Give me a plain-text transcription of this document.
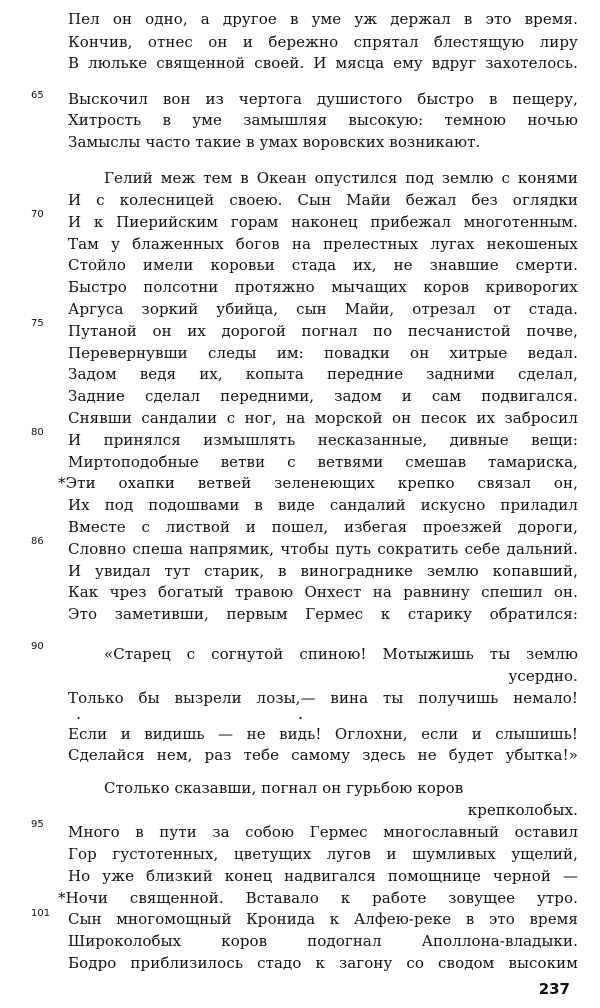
Пел он одно, а другое в уме уж держал в это время.
Кончив, отнес он и бережно спрятал блестящую лиру
В люльке священной своей. И мясца ему вдруг захотелось.
65 Выскочил вон из чертога душистого быстро в пещеру,
Хитрость в уме замышляя высокую: темною ночью
Замыслы часто такие в умах воровских возникают.
Гелий меж тем в Океан опустился под землю с конями
И с колесницей своею. Сын Майи бежал без оглядки
70 И к Пиерийским горам наконец прибежал многотенным.
Там у блаженных богов на прелестных лугах некошеных
Стойло имели коровьи стада их, не знавшие смерти.
Быстро полсотни протяжно мычащих коров криворогих
Аргуса зоркий убийца, сын Майи, отрезал от стада.
75 Путаной он их дорогой погнал по песчанистой почве,
Перевернувши следы им: повадки он хитрые ведал.
Задом ведя их, копыта передние задними сделал,
Задние сделал передними, задом и сам подвигался.
Снявши сандалии с ног, на морской он песок их забросил
80 И принялся измышлять несказанные, дивные вещи:
Миртоподобные ветви с ветвями смешав тамариска,
*Эти охапки ветвей зеленеющих крепко связал он,
Их под подошвами в виде сандалий искусно приладил
Вместе с листвой и пошел, избегая проезжей дороги,
86 Словно спеша напрямик, чтобы путь сократить себе дальний.
И увидал тут старик, в винограднике землю копавший,
Как чрез богатый травою Онхест на равнину спешил он.
Это заметивши, первым Гермес к старику обратился:
90	«Старец с согнутой спиною! Мотыжишь ты землю
усердно.
Только бы вызрели лозы,— вина ты получишь немало!
.	.
Если и видишь — не видь! Оглохни, если и слышишь!
Сделайся нем, раз тебе самому здесь не будет убытка!»
Столько сказавши, погнал он гурьбою коров
крепколобых.
95 Много в пути за собою Гермес многославный оставил
Гор густотенных, цветущих лугов и шумливых ущелий,
Но уже близкий конец надвигался помощнице черной —
*Ночи священной. Вставало к работе зовущее утро.
101 Сын многомощный Кронида к Алфею-реке в это время
Широколобых коров подогнал Аполлона-владыки.
Бодро приблизилось стадо к загону со сводом высоким
237
